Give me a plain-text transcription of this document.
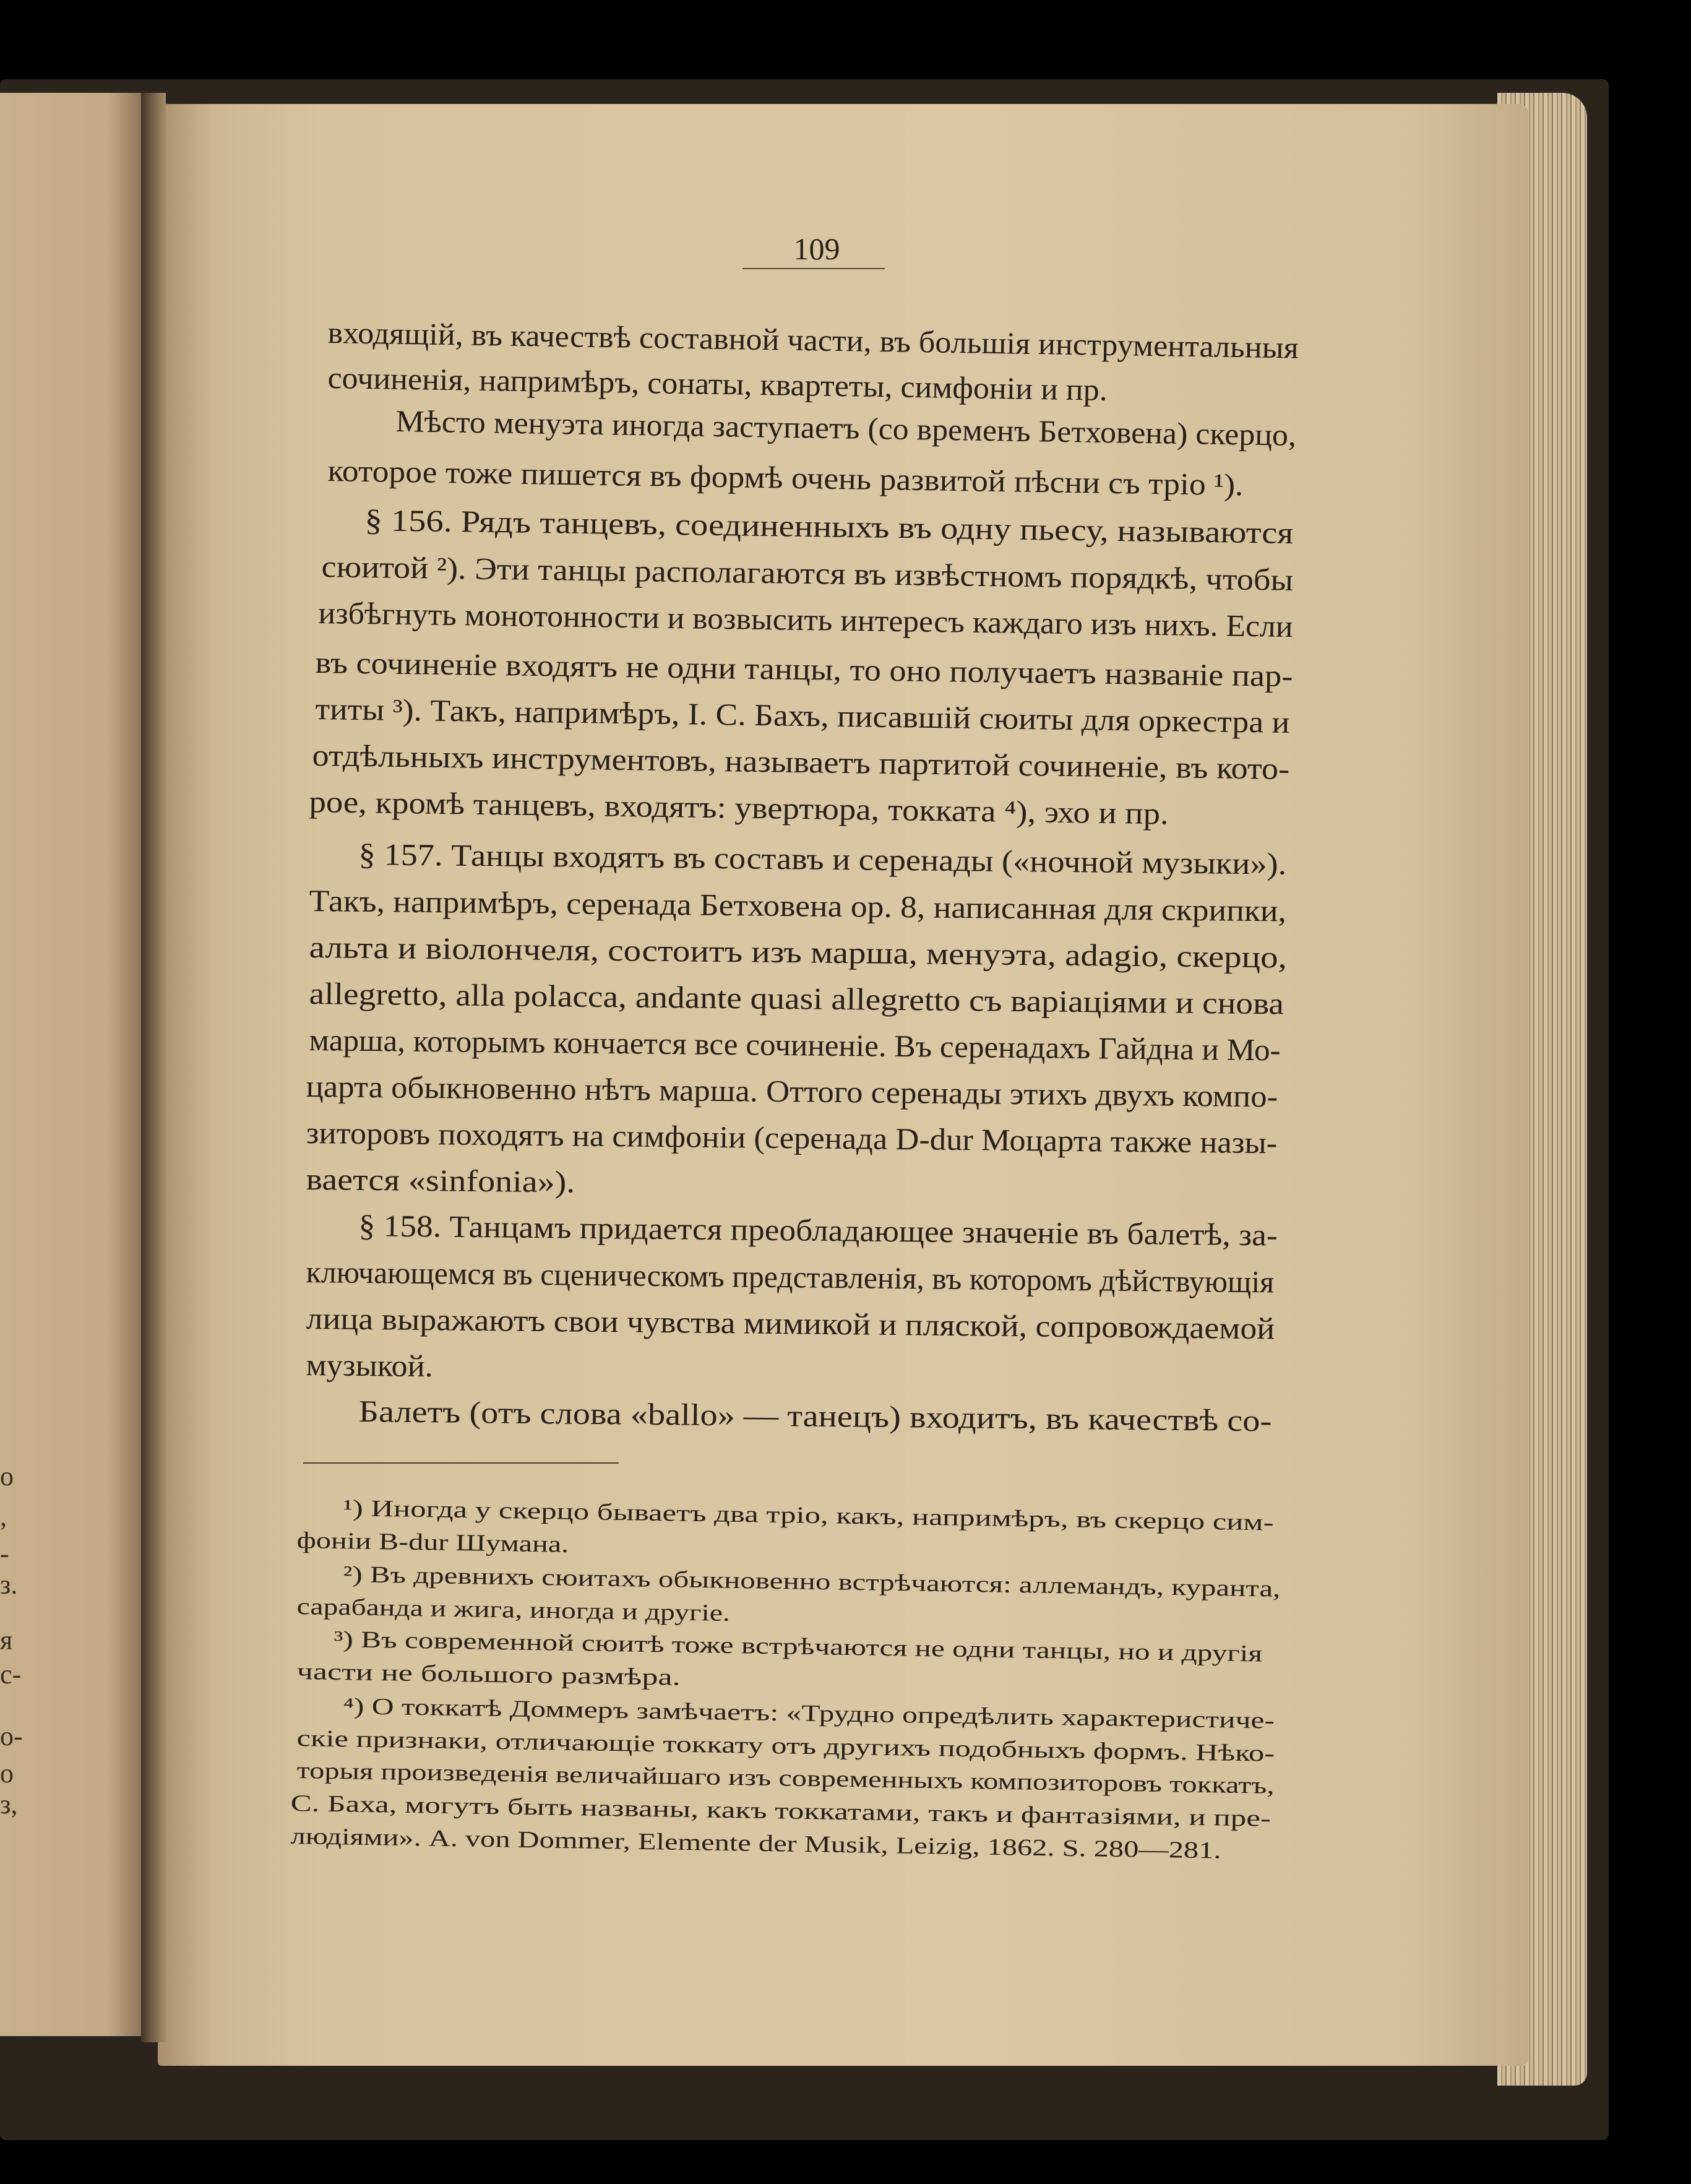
о
,
-
з.
я
с-
о-
о
з,
109
входящій, въ качествѣ составной части, въ большія инструментальныя
сочиненія, напримѣръ, сонаты, квартеты, симфоніи и пр.
Мѣсто менуэта иногда заступаетъ (со временъ Бетховена) скерцо,
которое тоже пишется въ формѣ очень развитой пѣсни съ тріо ¹).
§ 156. Рядъ танцевъ, соединенныхъ въ одну пьесу, называются
сюитой ²). Эти танцы располагаются въ извѣстномъ порядкѣ, чтобы
избѣгнуть монотонности и возвысить интересъ каждаго изъ нихъ. Если
въ сочиненіе входятъ не одни танцы, то оно получаетъ названіе пар-
титы ³). Такъ, напримѣръ, І. С. Бахъ, писавшій сюиты для оркестра и
отдѣльныхъ инструментовъ, называетъ партитой сочиненіе, въ кото-
рое, кромѣ танцевъ, входятъ: увертюра, токката ⁴), эхо и пр.
§ 157. Танцы входятъ въ составъ и серенады («ночной музыки»).
Такъ, напримѣръ, серенада Бетховена ор. 8, написанная для скрипки,
альта и віолончеля, состоитъ изъ марша, менуэта, adagio, скерцо,
allegretto, alla polacca, andante quasi allegretto съ варіаціями и снова
марша, которымъ кончается все сочиненіе. Въ серенадахъ Гайдна и Мо-
царта обыкновенно нѣтъ марша. Оттого серенады этихъ двухъ компо-
зиторовъ походятъ на симфоніи (серенада D-dur Моцарта также назы-
вается «sinfonia»).
§ 158. Танцамъ придается преобладающее значеніе въ балетѣ, за-
ключающемся въ сценическомъ представленія, въ которомъ дѣйствующія
лица выражаютъ свои чувства мимикой и пляской, сопровождаемой
музыкой.
Балетъ (отъ слова «ballo» — танецъ) входитъ, въ качествѣ со-
¹) Иногда у скерцо бываетъ два тріо, какъ, напримѣръ, въ скерцо сим-
фоніи B-dur Шумана.
²) Въ древнихъ сюитахъ обыкновенно встрѣчаются: аллемандъ, куранта,
сарабанда и жига, иногда и другіе.
³) Въ современной сюитѣ тоже встрѣчаются не одни танцы, но и другія
части не большого размѣра.
⁴) О токкатѣ Доммеръ замѣчаетъ: «Трудно опредѣлить характеристиче-
скіе признаки, отличающіе токкату отъ другихъ подобныхъ формъ. Нѣко-
торыя произведенія величайшаго изъ современныхъ композиторовъ токкатъ,
С. Баха, могутъ быть названы, какъ токкатами, такъ и фантазіями, и пре-
людіями». A. von Dommer, Elemente der Musik, Leizig, 1862. S. 280—281.
